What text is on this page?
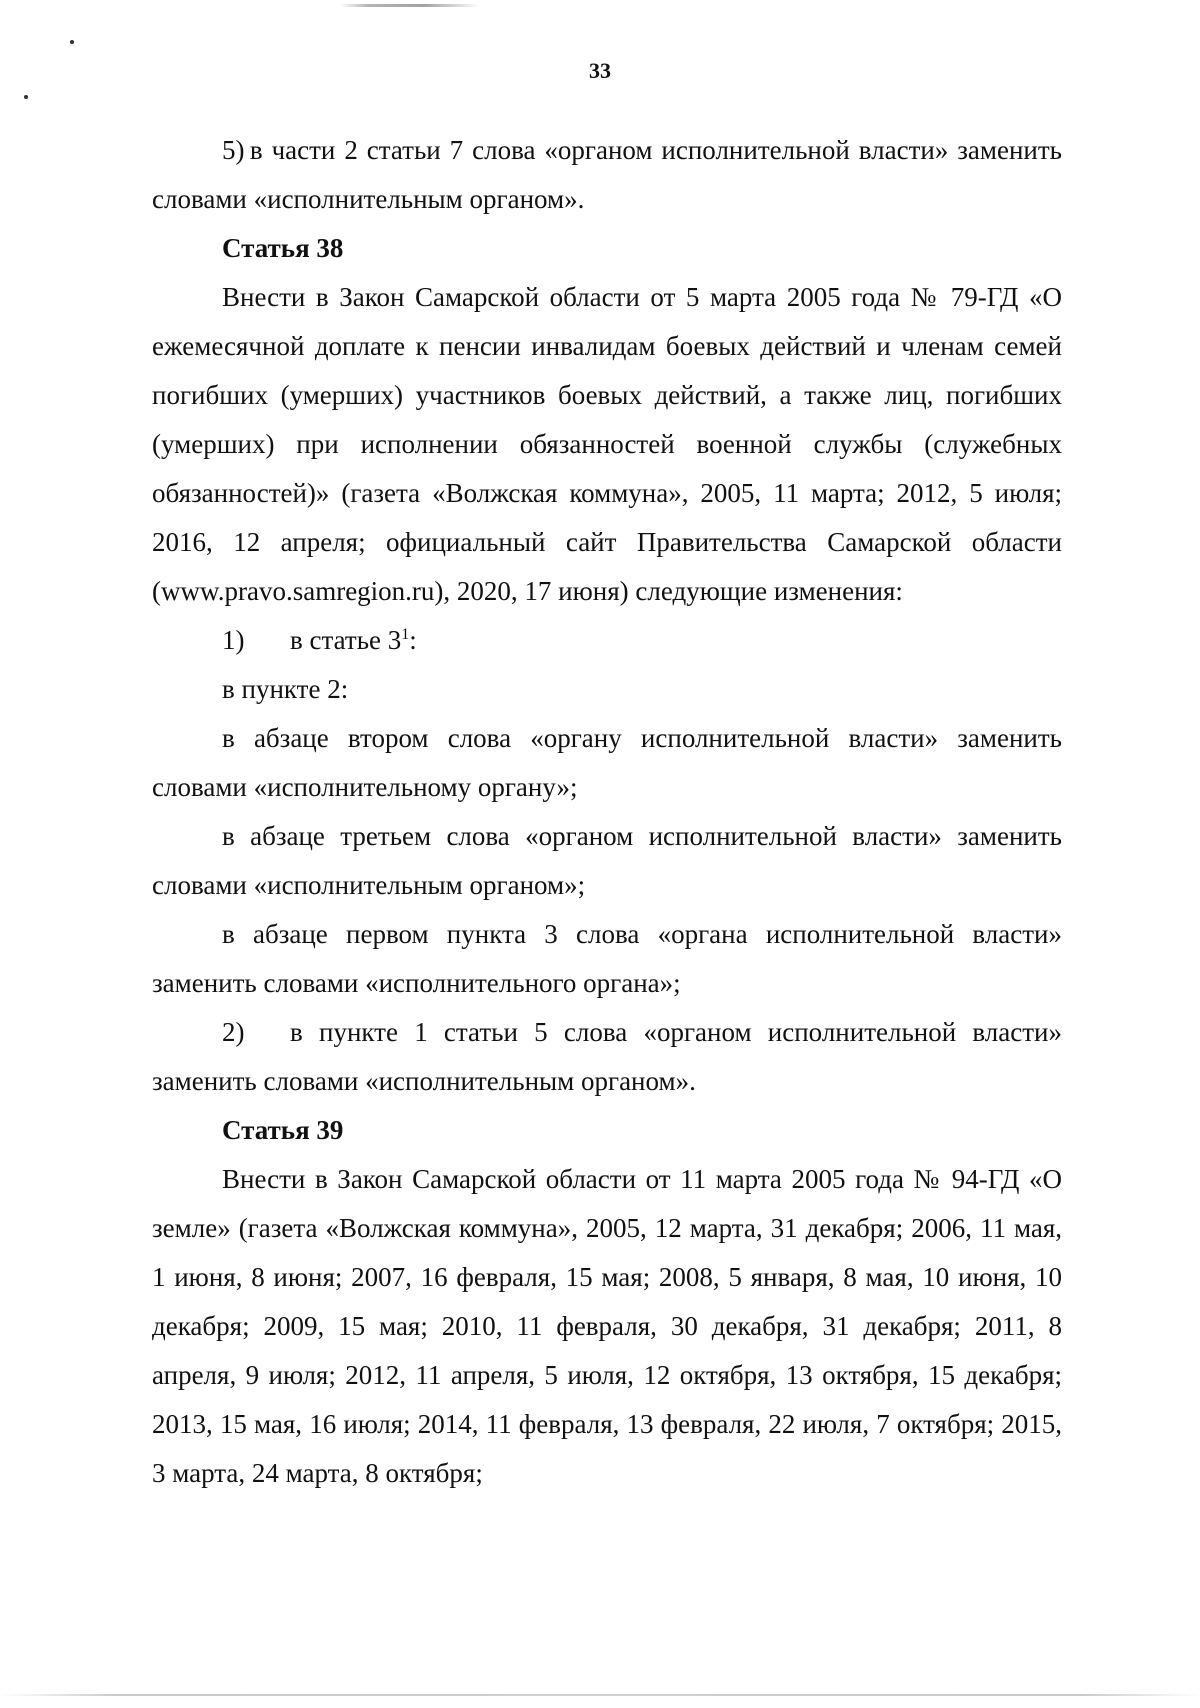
33

5) в части 2 статьи 7 слова «органом исполнительной власти» заменить словами «исполнительным органом».

Статья 38

Внести в Закон Самарской области от 5 марта 2005 года № 79-ГД «О ежемесячной доплате к пенсии инвалидам боевых действий и членам семей погибших (умерших) участников боевых действий, а также лиц, погибших (умерших) при исполнении обязанностей военной службы (служебных обязанностей)» (газета «Волжская коммуна», 2005, 11 марта; 2012, 5 июля; 2016, 12 апреля; официальный сайт Правительства Самарской области (www.pravo.samregion.ru), 2020, 17 июня) следующие изменения:

1) в статье $3^1$:

в пункте 2:

в абзаце втором слова «органу исполнительной власти» заменить словами «исполнительному органу»;

в абзаце третьем слова «органом исполнительной власти» заменить словами «исполнительным органом»;

в абзаце первом пункта 3 слова «органа исполнительной власти» заменить словами «исполнительного органа»;

2) в пункте 1 статьи 5 слова «органом исполнительной власти» заменить словами «исполнительным органом».

Статья 39

Внести в Закон Самарской области от 11 марта 2005 года № 94-ГД «О земле» (газета «Волжская коммуна», 2005, 12 марта, 31 декабря; 2006, 11 мая, 1 июня, 8 июня; 2007, 16 февраля, 15 мая; 2008, 5 января, 8 мая, 10 июня, 10 декабря; 2009, 15 мая; 2010, 11 февраля, 30 декабря, 31 декабря; 2011, 8 апреля, 9 июля; 2012, 11 апреля, 5 июля, 12 октября, 13 октября, 15 декабря; 2013, 15 мая, 16 июля; 2014, 11 февраля, 13 февраля, 22 июля, 7 октября; 2015, 3 марта, 24 марта, 8 октября;
